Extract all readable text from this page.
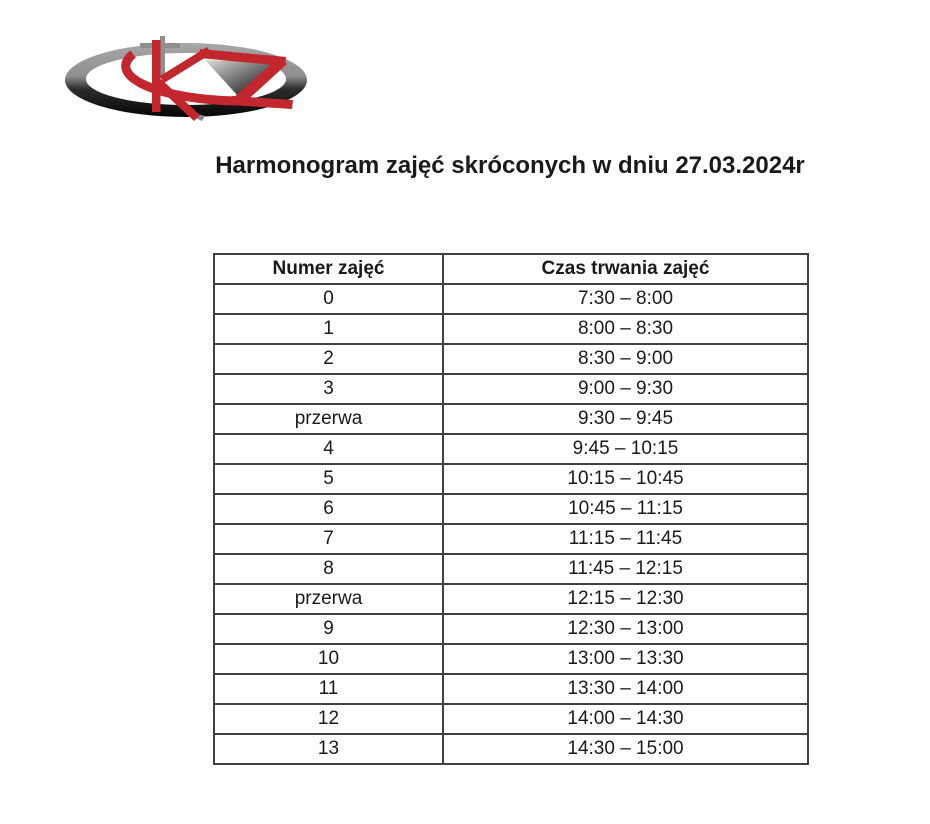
Harmonogram zajęć skróconych w dniu 27.03.2024r
Numer zajęć	Czas trwania zajęć
0	7:30 – 8:00
1	8:00 – 8:30
2	8:30 – 9:00
3	9:00 – 9:30
przerwa	9:30 – 9:45
4	9:45 – 10:15
5	10:15 – 10:45
6	10:45 – 11:15
7	11:15 – 11:45
8	11:45 – 12:15
przerwa	12:15 – 12:30
9	12:30 – 13:00
10	13:00 – 13:30
11	13:30 – 14:00
12	14:00 – 14:30
13	14:30 – 15:00
